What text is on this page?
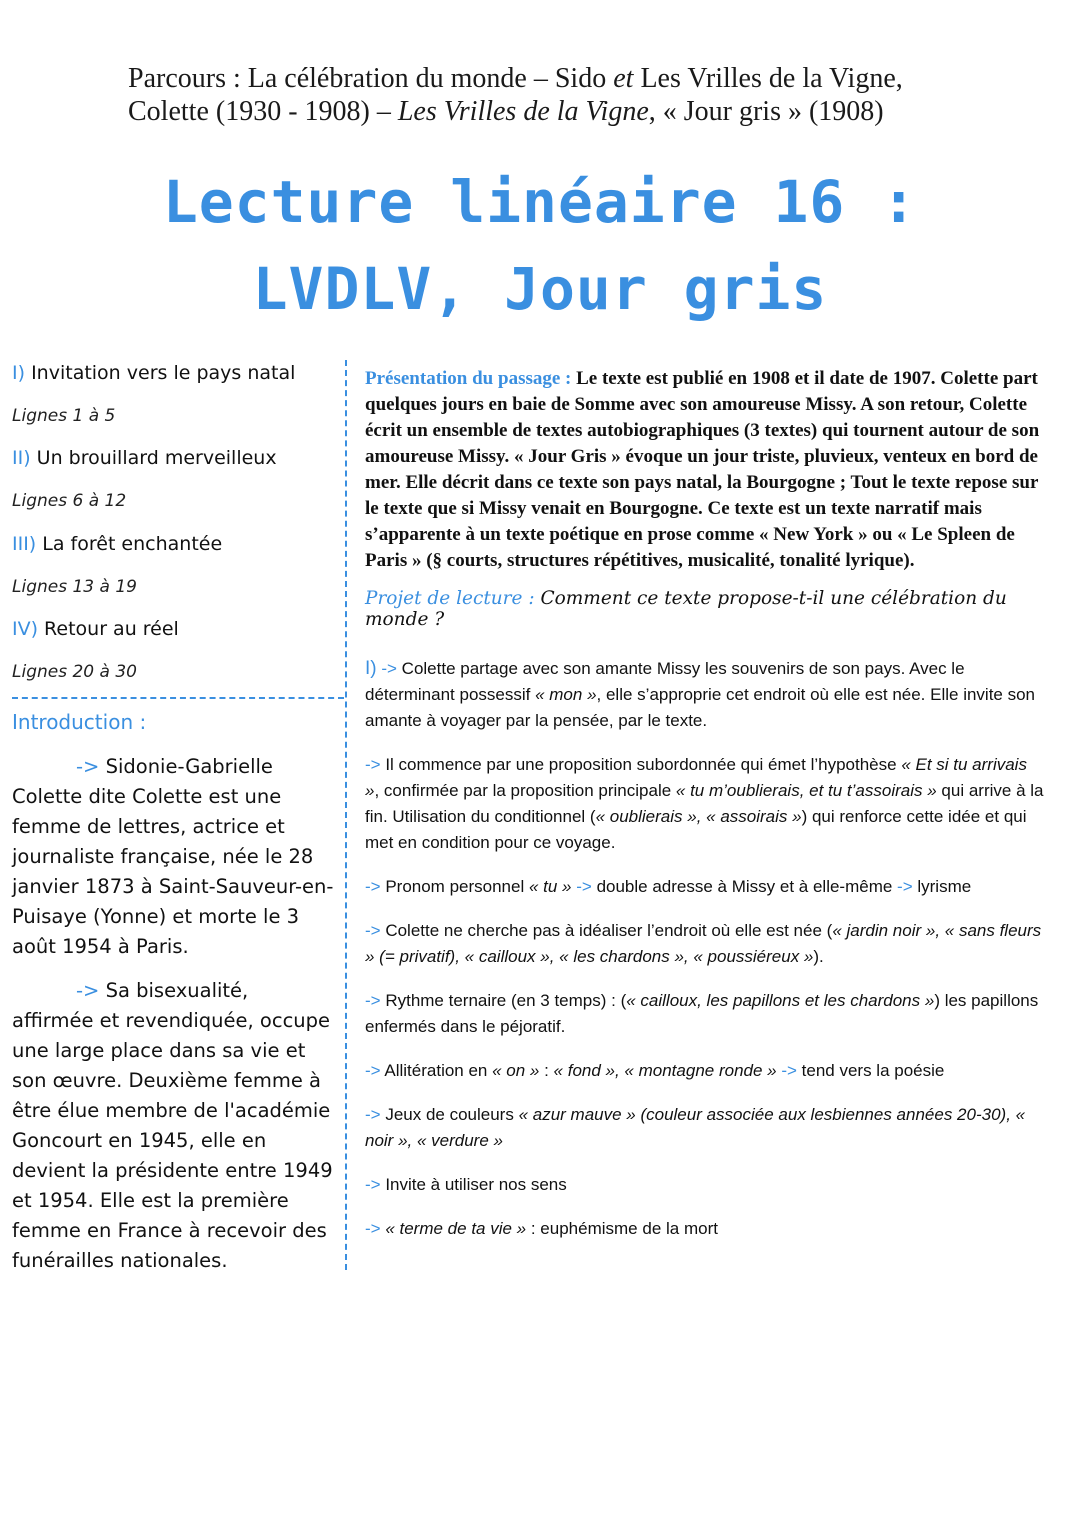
Parcours : La célébration du monde – Sido et Les Vrilles de la Vigne,
Colette (1930 - 1908) – Les Vrilles de la Vigne, « Jour gris » (1908)
Lecture linéaire 16 :
LVDLV, Jour gris
I) Invitation vers le pays natal
Lignes 1 à 5
II) Un brouillard merveilleux
Lignes 6 à 12
III) La forêt enchantée
Lignes 13 à 19
IV) Retour au réel
Lignes 20 à 30
Introduction :
-> Sidonie-Gabrielle Colette dite Colette est une femme de lettres, actrice et journaliste française, née le 28 janvier 1873 à Saint-Sauveur-en-Puisaye (Yonne) et morte le 3 août 1954 à Paris.
-> Sa bisexualité, affirmée et revendiquée, occupe une large place dans sa vie et son œuvre. Deuxième femme à être élue membre de l'académie Goncourt en 1945, elle en devient la présidente entre 1949 et 1954. Elle est la première femme en France à recevoir des funérailles nationales.
Présentation du passage : Le texte est publié en 1908 et il date de 1907. Colette part quelques jours en baie de Somme avec son amoureuse Missy. A son retour, Colette écrit un ensemble de textes autobiographiques (3 textes) qui tournent autour de son amoureuse Missy. « Jour Gris » évoque un jour triste, pluvieux, venteux en bord de mer. Elle décrit dans ce texte son pays natal, la Bourgogne ; Tout le texte repose sur le texte que si Missy venait en Bourgogne. Ce texte est un texte narratif mais s’apparente à un texte poétique en prose comme « New York » ou « Le Spleen de Paris » (§ courts, structures répétitives, musicalité, tonalité lyrique).
Projet de lecture : Comment ce texte propose-t-il une célébration du monde ?

I) -> Colette partage avec son amante Missy les souvenirs de son pays. Avec le déterminant possessif « mon », elle s’approprie cet endroit où elle est née. Elle invite son amante à voyager par la pensée, par le texte.

-> Il commence par une proposition subordonnée qui émet l’hypothèse « Et si tu arrivais », confirmée par la proposition principale « tu m’oublierais, et tu t’assoirais » qui arrive à la fin. Utilisation du conditionnel (« oublierais », « assoirais ») qui renforce cette idée et qui met en condition pour ce voyage.

-> Pronom personnel « tu » -> double adresse à Missy et à elle-même -> lyrisme

-> Colette ne cherche pas à idéaliser l’endroit où elle est née (« jardin noir », « sans fleurs » (= privatif), « cailloux », « les chardons », « poussiéreux »).

-> Rythme ternaire (en 3 temps) : (« cailloux, les papillons et les chardons ») les papillons enfermés dans le péjoratif.

-> Allitération en « on » : « fond », « montagne ronde » -> tend vers la poésie

-> Jeux de couleurs « azur mauve » (couleur associée aux lesbiennes années 20-30), « noir », « verdure »

-> Invite à utiliser nos sens

-> « terme de ta vie » : euphémisme de la mort
